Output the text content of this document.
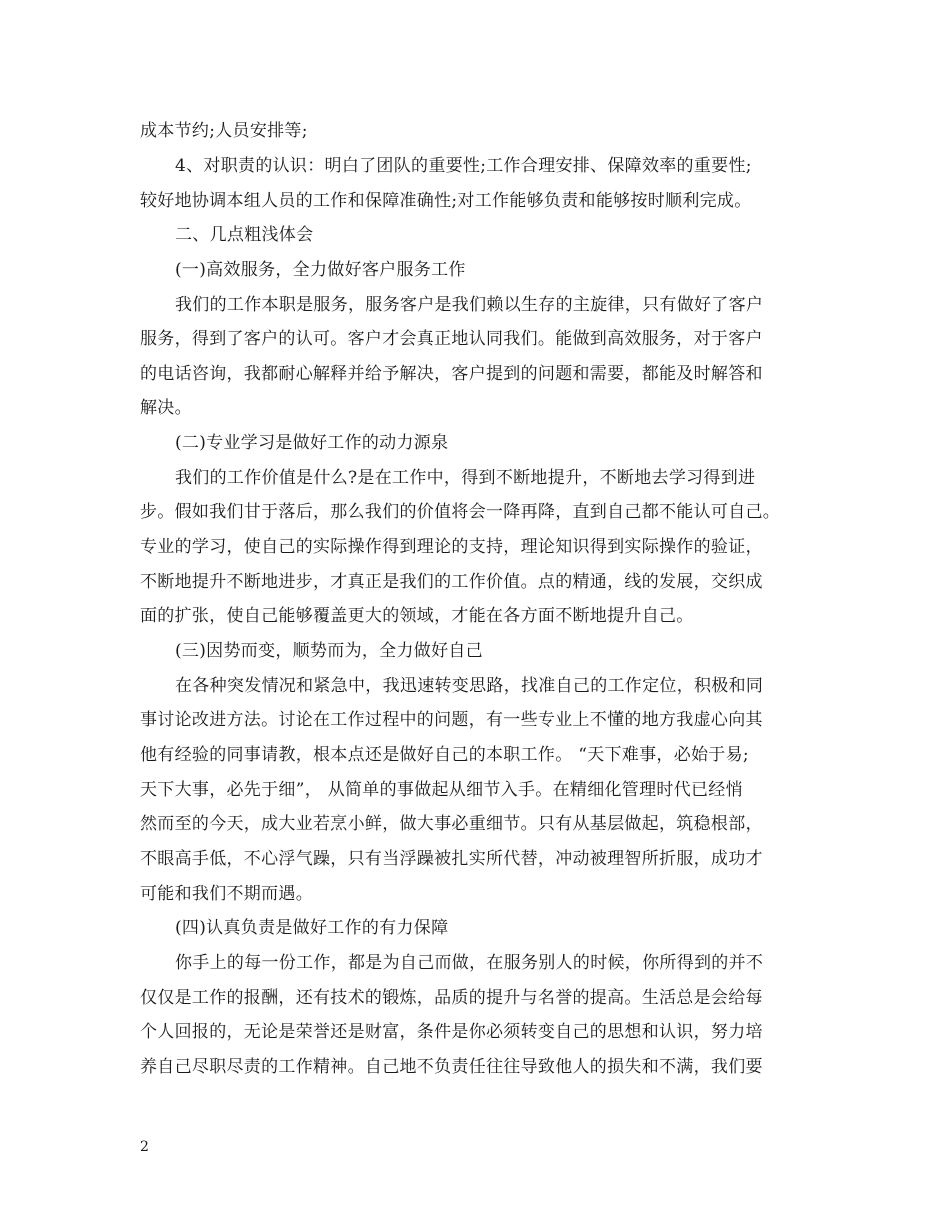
成本节约;人员安排等;
4、对职责的认识：明白了团队的重要性;工作合理安排、保障效率的重要性;
较好地协调本组人员的工作和保障准确性;对工作能够负责和能够按时顺利完成。
二、几点粗浅体会
(一)高效服务，全力做好客户服务工作
我们的工作本职是服务，服务客户是我们赖以生存的主旋律，只有做好了客户
服务，得到了客户的认可。客户才会真正地认同我们。能做到高效服务，对于客户
的电话咨询，我都耐心解释并给予解决，客户提到的问题和需要，都能及时解答和
解决。
(二)专业学习是做好工作的动力源泉
我们的工作价值是什么?是在工作中，得到不断地提升，不断地去学习得到进
步。假如我们甘于落后，那么我们的价值将会一降再降，直到自己都不能认可自己。
专业的学习，使自己的实际操作得到理论的支持，理论知识得到实际操作的验证，
不断地提升不断地进步，才真正是我们的工作价值。点的精通，线的发展，交织成
面的扩张，使自己能够覆盖更大的领域，才能在各方面不断地提升自己。
(三)因势而变，顺势而为，全力做好自己
在各种突发情况和紧急中，我迅速转变思路，找准自己的工作定位，积极和同
事讨论改进方法。讨论在工作过程中的问题，有一些专业上不懂的地方我虚心向其
他有经验的同事请教，根本点还是做好自己的本职工作。 “天下难事，必始于易;
天下大事，必先于细”， 从简单的事做起从细节入手。在精细化管理时代已经悄
然而至的今天，成大业若烹小鲜，做大事必重细节。只有从基层做起，筑稳根部，
不眼高手低，不心浮气躁，只有当浮躁被扎实所代替，冲动被理智所折服，成功才
可能和我们不期而遇。
(四)认真负责是做好工作的有力保障
你手上的每一份工作，都是为自己而做，在服务别人的时候，你所得到的并不
仅仅是工作的报酬，还有技术的锻炼，品质的提升与名誉的提高。生活总是会给每
个人回报的，无论是荣誉还是财富，条件是你必须转变自己的思想和认识，努力培
养自己尽职尽责的工作精神。自己地不负责任往往导致他人的损失和不满，我们要
2
